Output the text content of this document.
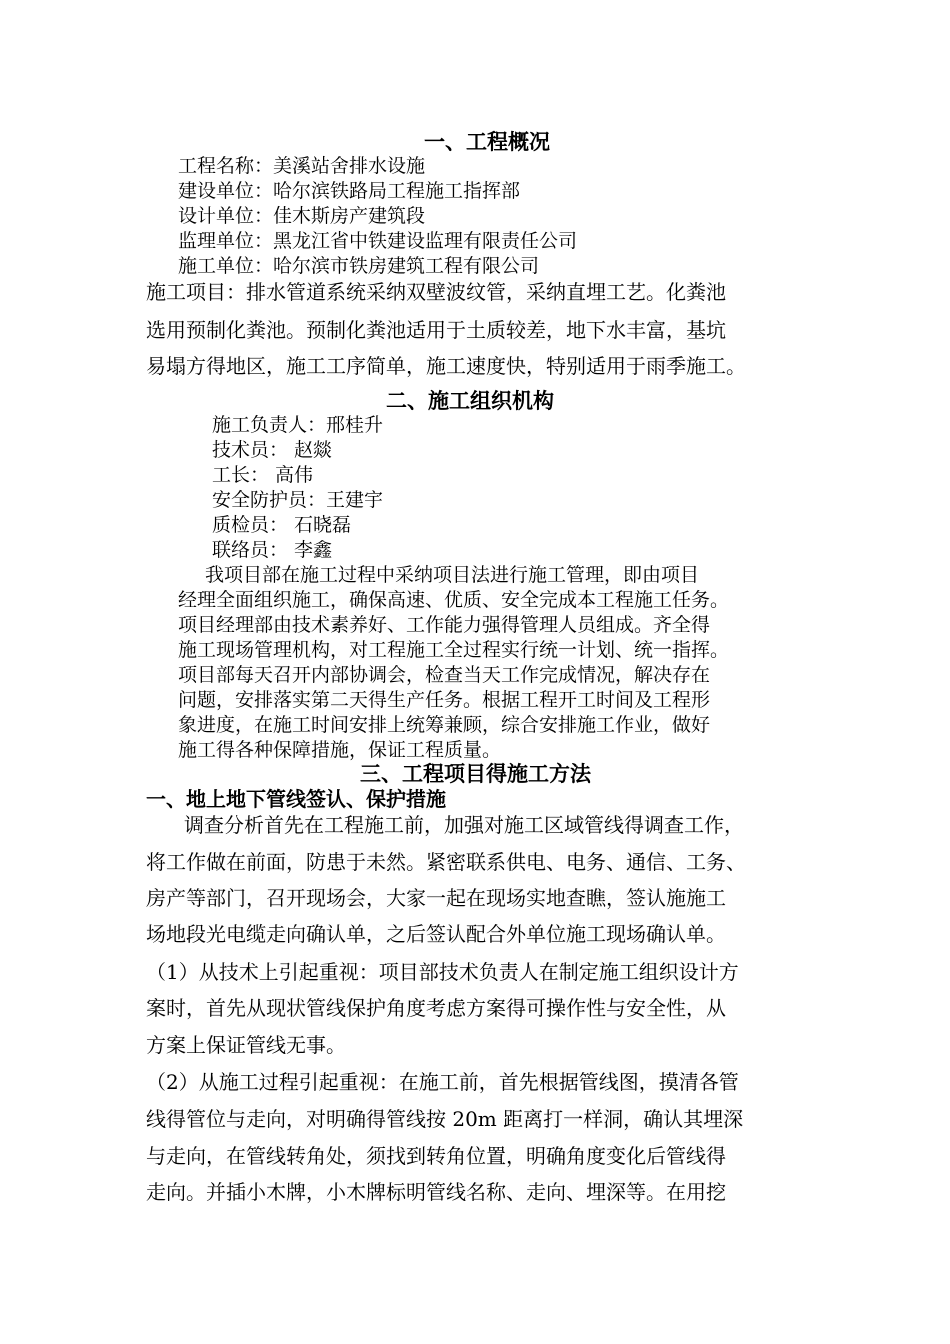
一、工程概况
工程名称：美溪站舍排水设施
建设单位：哈尔滨铁路局工程施工指挥部
设计单位：佳木斯房产建筑段
监理单位：黑龙江省中铁建设监理有限责任公司
施工单位：哈尔滨市铁房建筑工程有限公司
施工项目：排水管道系统采纳双壁波纹管，采纳直埋工艺。化粪池
选用预制化粪池。预制化粪池适用于土质较差，地下水丰富，基坑
易塌方得地区，施工工序简单，施工速度快，特别适用于雨季施工。
二、施工组织机构
施工负责人：邢桂升
技术员： 赵燚
工长： 高伟
安全防护员：王建宇
质检员： 石晓磊
联络员： 李鑫
我项目部在施工过程中采纳项目法进行施工管理，即由项目
经理全面组织施工，确保高速、优质、安全完成本工程施工任务。
项目经理部由技术素养好、工作能力强得管理人员组成。齐全得
施工现场管理机构，对工程施工全过程实行统一计划、统一指挥。
项目部每天召开内部协调会，检查当天工作完成情况，解决存在
问题，安排落实第二天得生产任务。根据工程开工时间及工程形
象进度，在施工时间安排上统筹兼顾，综合安排施工作业，做好
施工得各种保障措施，保证工程质量。
三、工程项目得施工方法
一、地上地下管线签认、保护措施
调查分析首先在工程施工前，加强对施工区域管线得调查工作，
将工作做在前面，防患于未然。紧密联系供电、电务、通信、工务、
房产等部门，召开现场会，大家一起在现场实地查瞧，签认施施工
场地段光电缆走向确认单，之后签认配合外单位施工现场确认单。
（1）从技术上引起重视：项目部技术负责人在制定施工组织设计方
案时，首先从现状管线保护角度考虑方案得可操作性与安全性，从
方案上保证管线无事。
（2）从施工过程引起重视：在施工前，首先根据管线图，摸清各管
线得管位与走向，对明确得管线按 20m 距离打一样洞，确认其埋深
与走向，在管线转角处，须找到转角位置，明确角度变化后管线得
走向。并插小木牌，小木牌标明管线名称、走向、埋深等。在用挖
